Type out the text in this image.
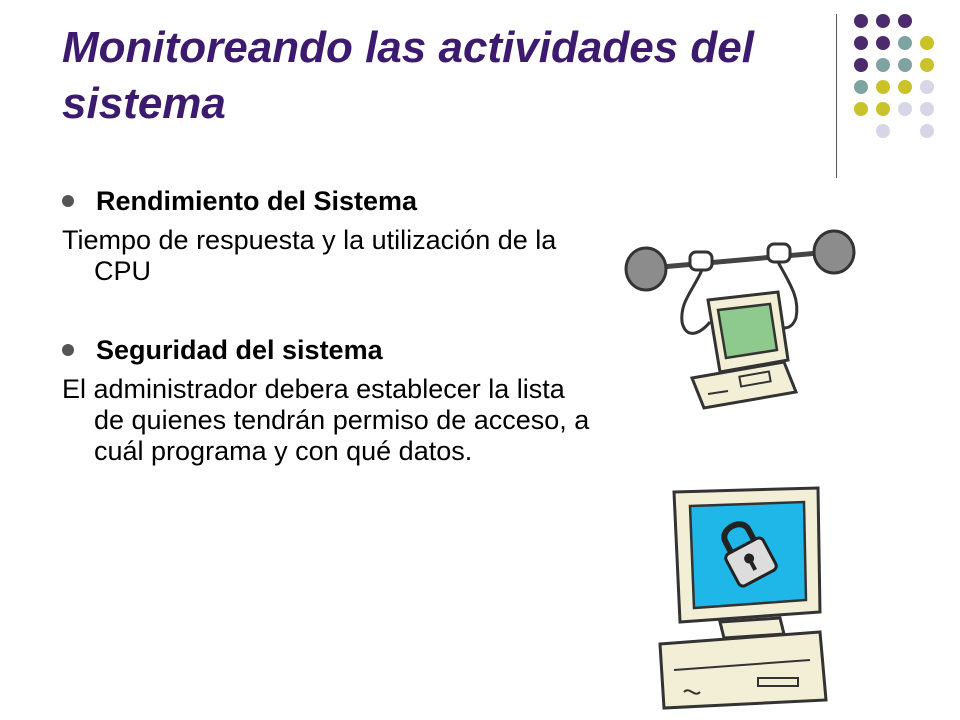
Monitoreando las actividades del sistema
Rendimiento del Sistema

Tiempo de respuesta y la utilización de la CPU

Seguridad del sistema

El administrador debera establecer la lista de quienes tendrán permiso de acceso, a cuál programa y con qué datos.
